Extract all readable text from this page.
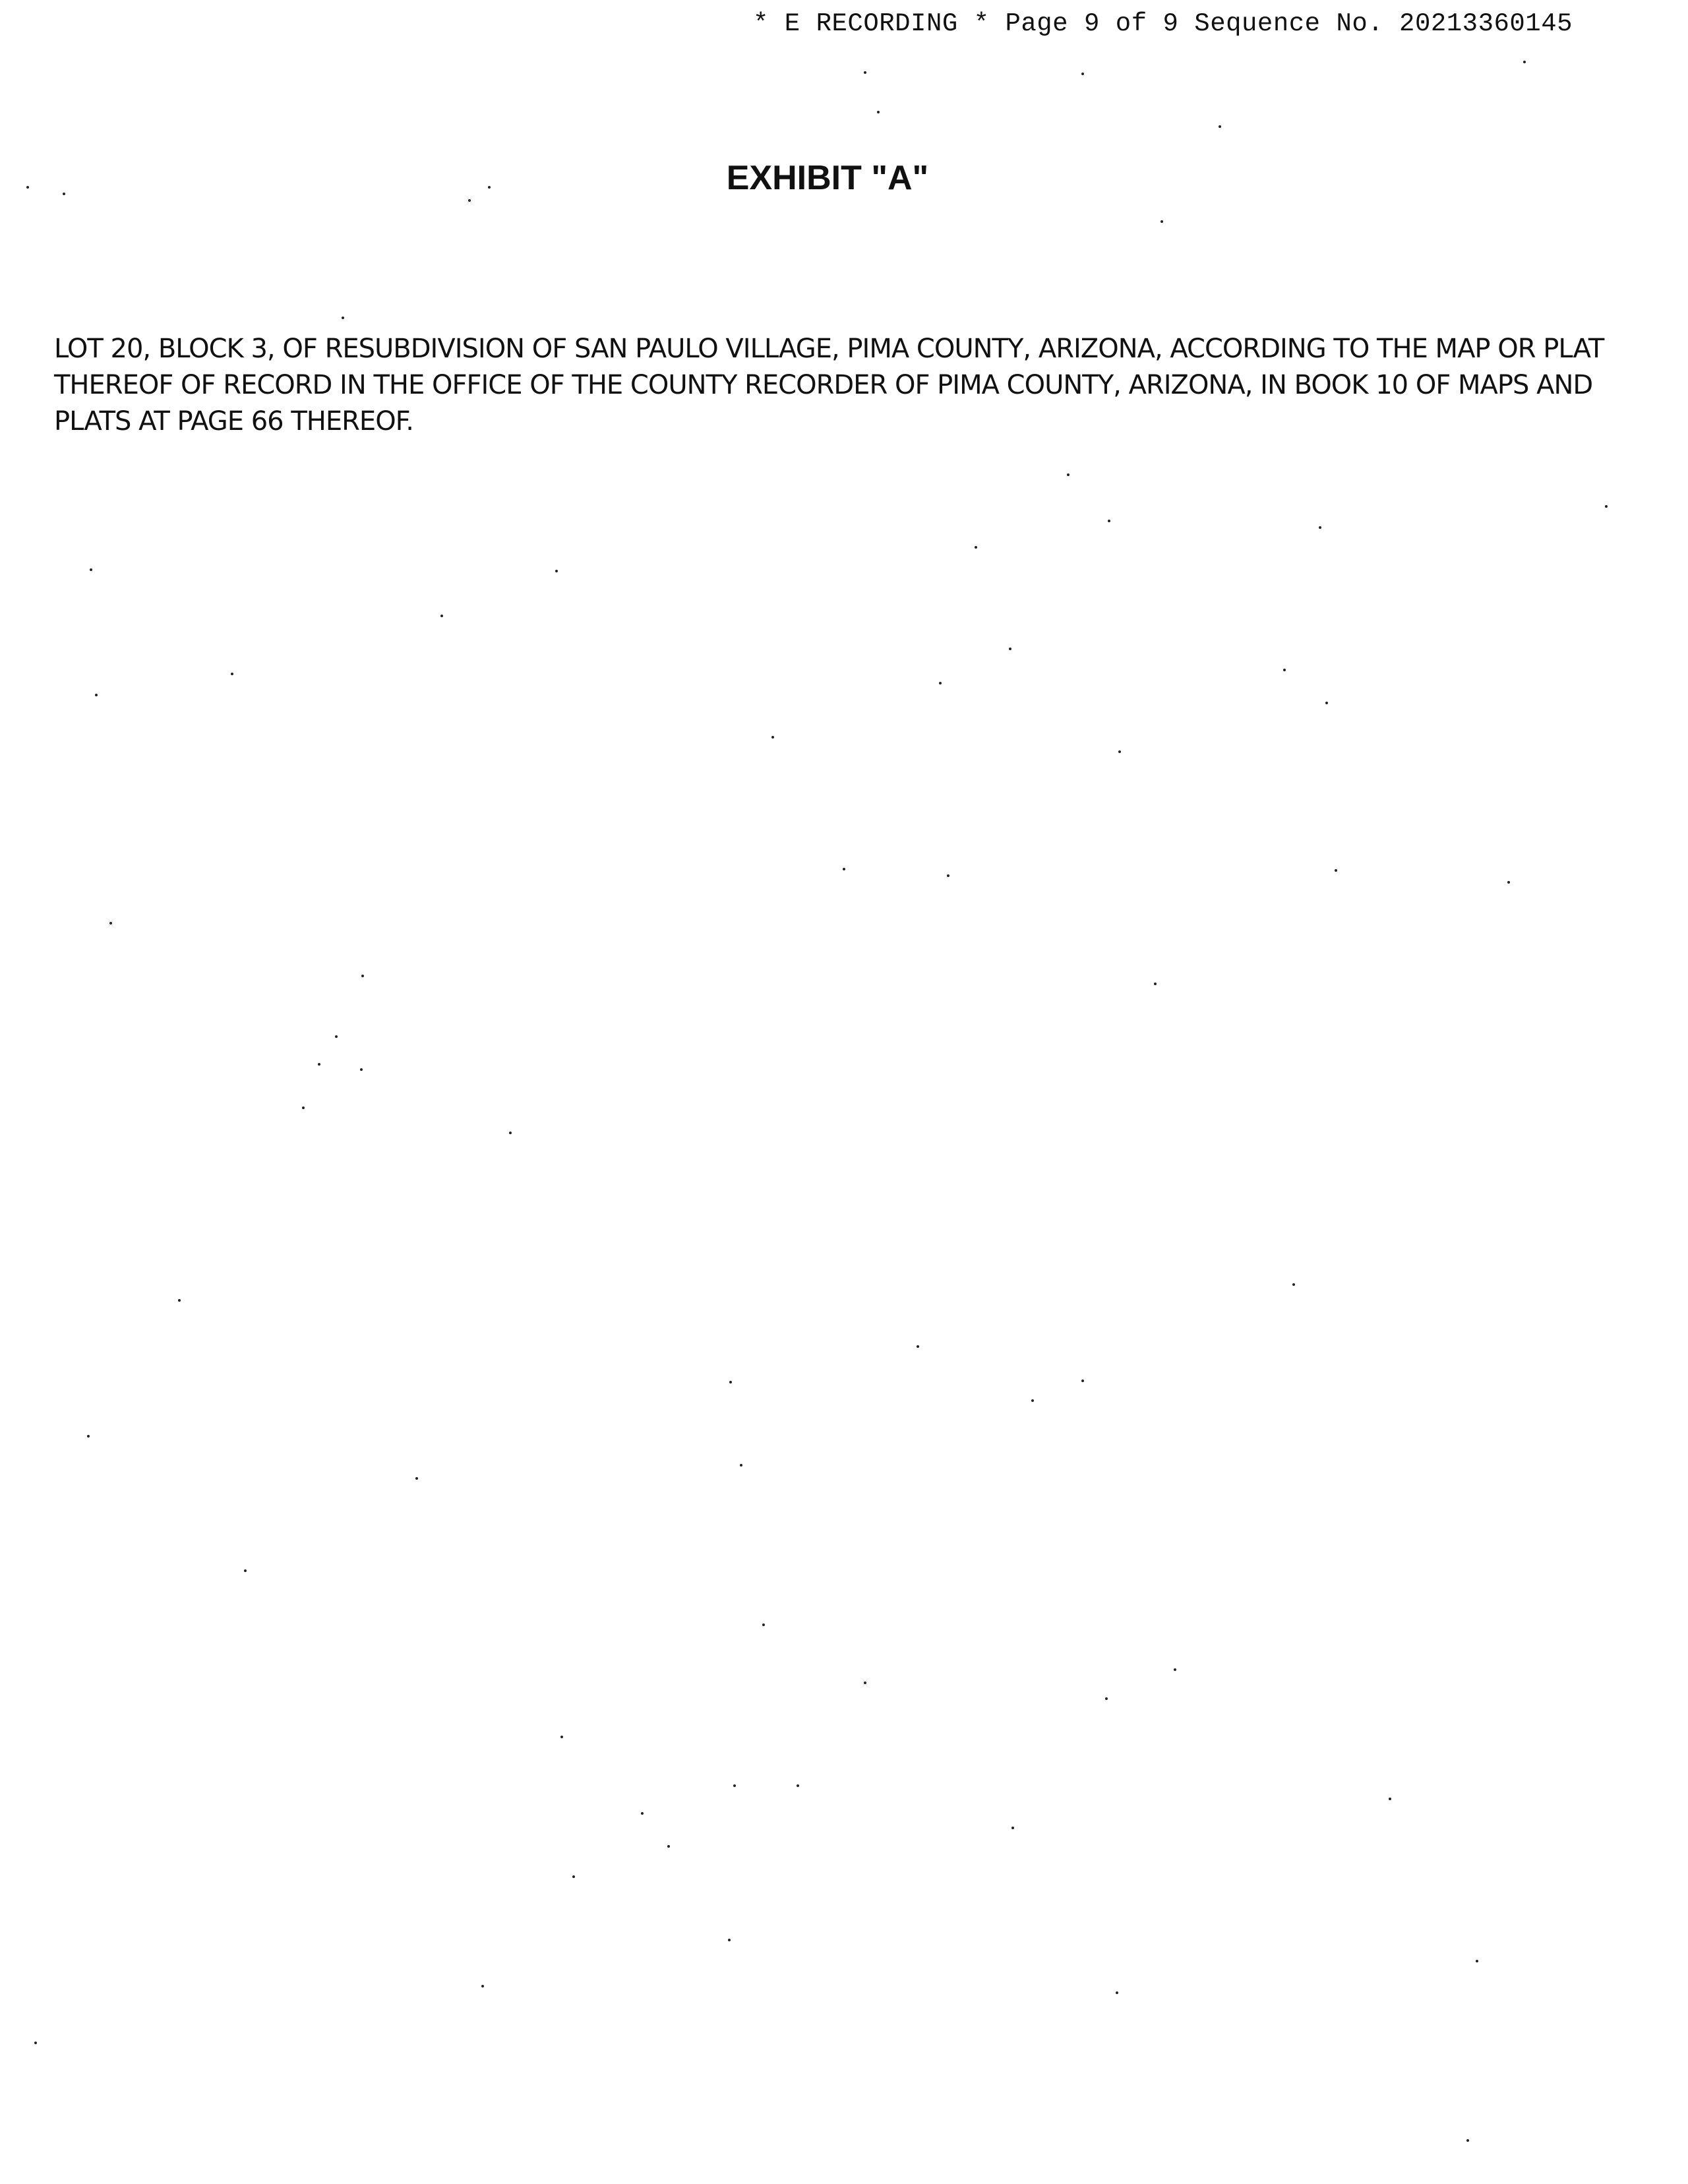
* E RECORDING * Page 9 of 9 Sequence No. 20213360145
EXHIBIT "A"
LOT 20, BLOCK 3, OF RESUBDIVISION OF SAN PAULO VILLAGE, PIMA COUNTY, ARIZONA, ACCORDING TO THE MAP OR PLAT
THEREOF OF RECORD IN THE OFFICE OF THE COUNTY RECORDER OF PIMA COUNTY, ARIZONA, IN BOOK 10 OF MAPS AND
PLATS AT PAGE 66 THEREOF.
